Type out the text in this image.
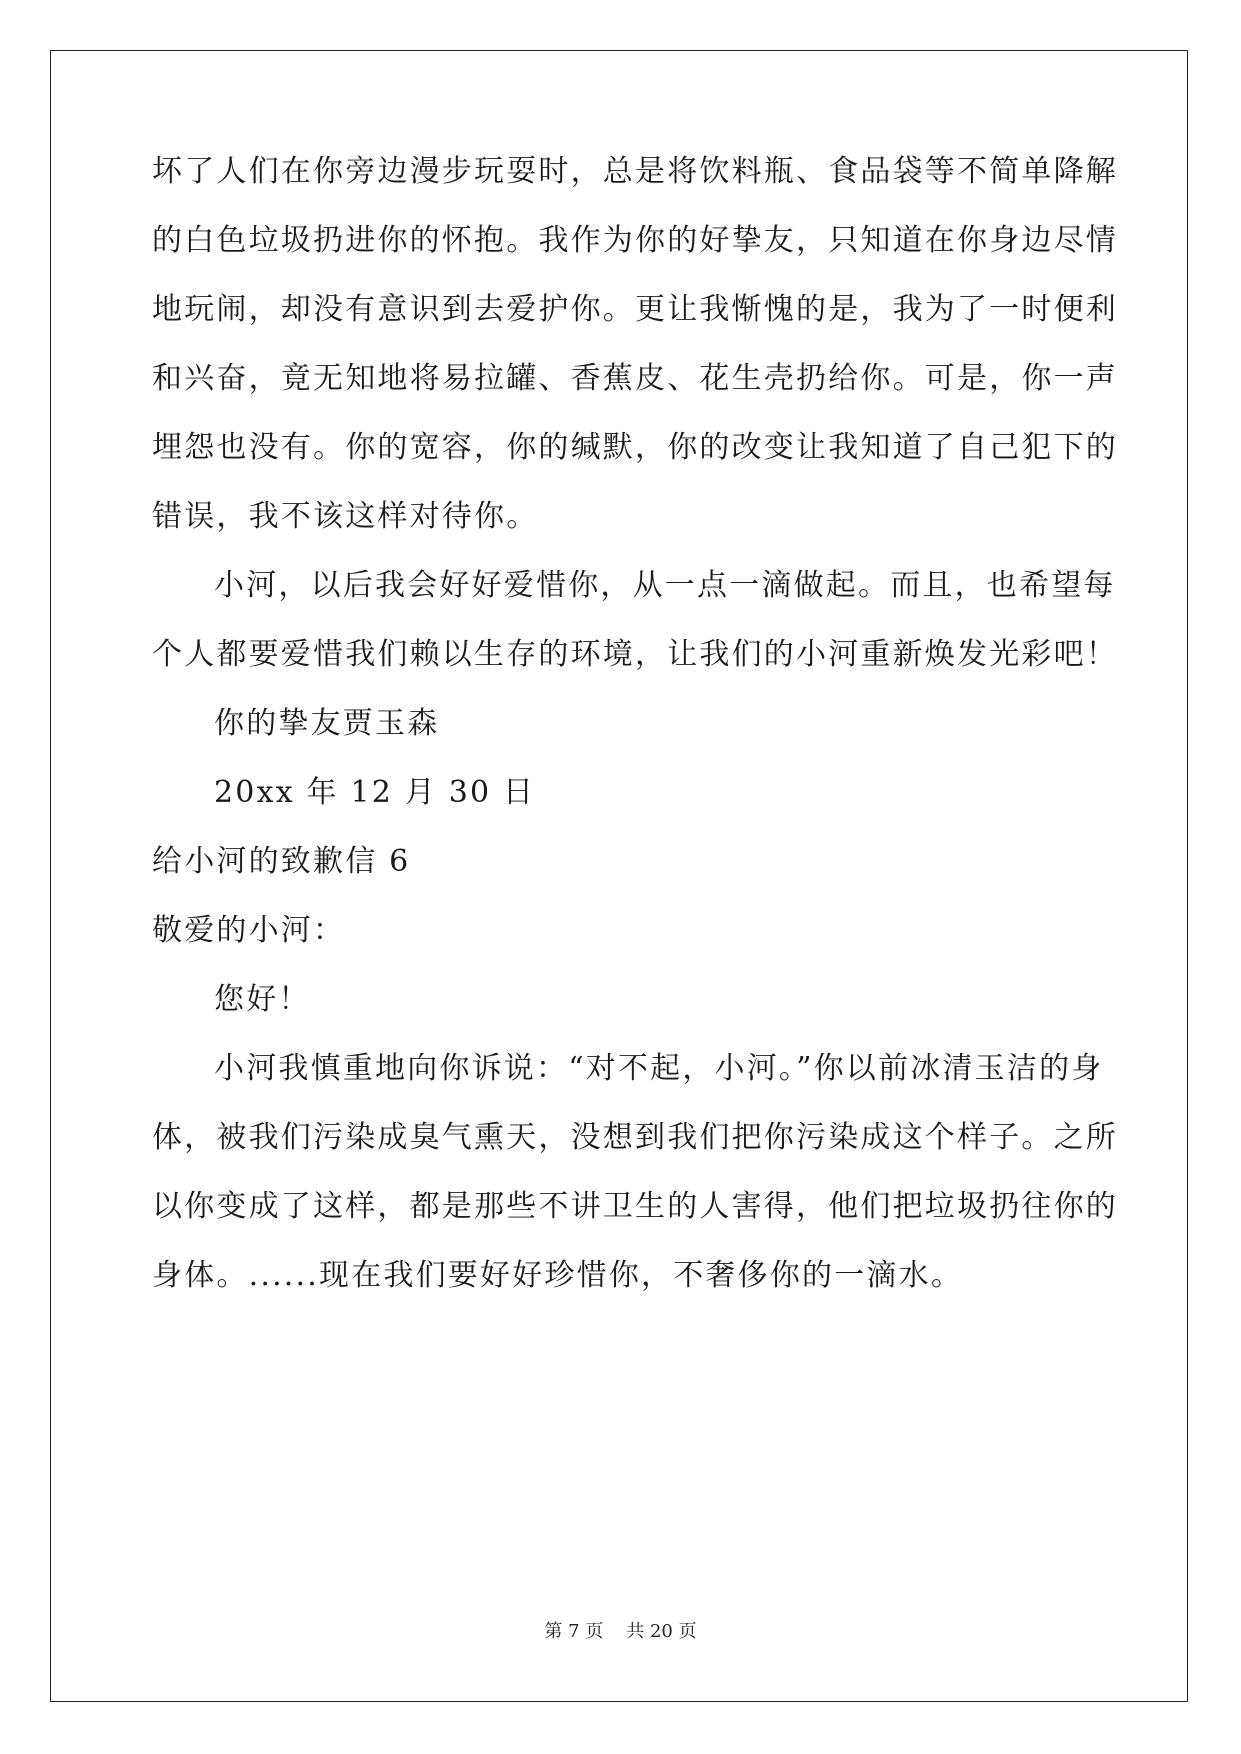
坏了人们在你旁边漫步玩耍时，总是将饮料瓶、食品袋等不简单降解
的白色垃圾扔进你的怀抱。我作为你的好挚友，只知道在你身边尽情
地玩闹，却没有意识到去爱护你。更让我惭愧的是，我为了一时便利
和兴奋，竟无知地将易拉罐、香蕉皮、花生壳扔给你。可是，你一声
埋怨也没有。你的宽容，你的缄默，你的改变让我知道了自己犯下的
错误，我不该这样对待你。
小河，以后我会好好爱惜你，从一点一滴做起。而且，也希望每
个人都要爱惜我们赖以生存的环境，让我们的小河重新焕发光彩吧！
你的挚友贾玉森
20xx 年 12 月 30 日
给小河的致歉信 6
敬爱的小河：
您好！
小河我慎重地向你诉说：“对不起，小河。”你以前冰清玉洁的身
体，被我们污染成臭气熏天，没想到我们把你污染成这个样子。之所
以你变成了这样，都是那些不讲卫生的人害得，他们把垃圾扔往你的
身体。......现在我们要好好珍惜你，不奢侈你的一滴水。
第 7 页 共 20 页
